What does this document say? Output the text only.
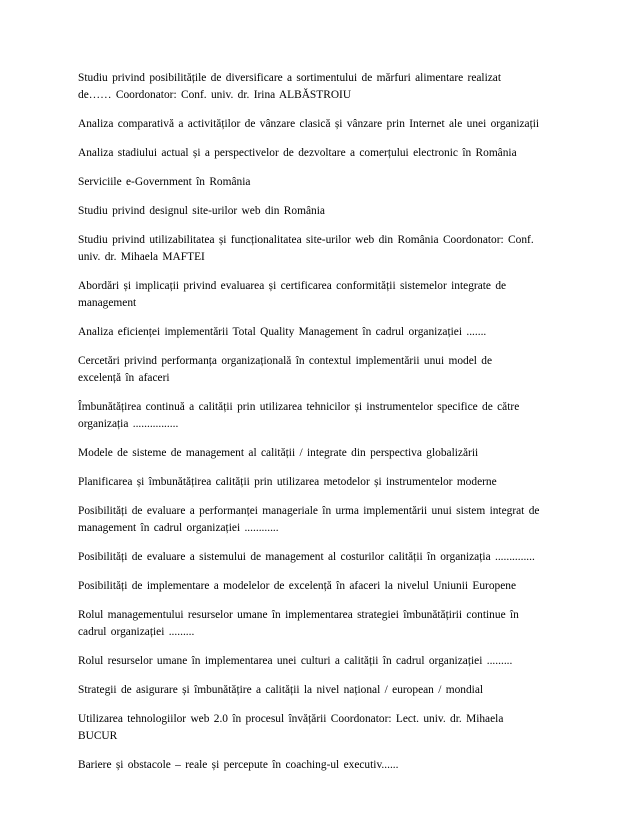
Studiu privind posibilitățile de diversificare a sortimentului de mărfuri alimentare realizat
de…… Coordonator: Conf. univ. dr. Irina ALBĂSTROIU

Analiza comparativă a activităților de vânzare clasică și vânzare prin Internet ale unei organizații

Analiza stadiului actual și a perspectivelor de dezvoltare a comerțului electronic în România

Serviciile e-Government în România

Studiu privind designul site-urilor web din România

Studiu privind utilizabilitatea și funcționalitatea site-urilor web din România Coordonator: Conf.
univ. dr. Mihaela MAFTEI

Abordări și implicații privind evaluarea și certificarea conformității sistemelor integrate de
management

Analiza eficienței implementării Total Quality Management în cadrul organizației .......

Cercetări privind performanța organizațională în contextul implementării unui model de
excelență în afaceri

Îmbunătățirea continuă a calității prin utilizarea tehnicilor și instrumentelor specifice de către
organizația ................

Modele de sisteme de management al calității / integrate din perspectiva globalizării

Planificarea și îmbunătățirea calității prin utilizarea metodelor și instrumentelor moderne

Posibilități de evaluare a performanței manageriale în urma implementării unui sistem integrat de
management în cadrul organizației ............

Posibilități de evaluare a sistemului de management al costurilor calității în organizația ..............

Posibilități de implementare a modelelor de excelență în afaceri la nivelul Uniunii Europene

Rolul managementului resurselor umane în implementarea strategiei îmbunătățirii continue în
cadrul organizației .........

Rolul resurselor umane în implementarea unei culturi a calității în cadrul organizației .........

Strategii de asigurare și îmbunătățire a calității la nivel național / european / mondial

Utilizarea tehnologiilor web 2.0 în procesul învățării Coordonator: Lect. univ. dr. Mihaela
BUCUR

Bariere și obstacole – reale și percepute în coaching-ul executiv......
